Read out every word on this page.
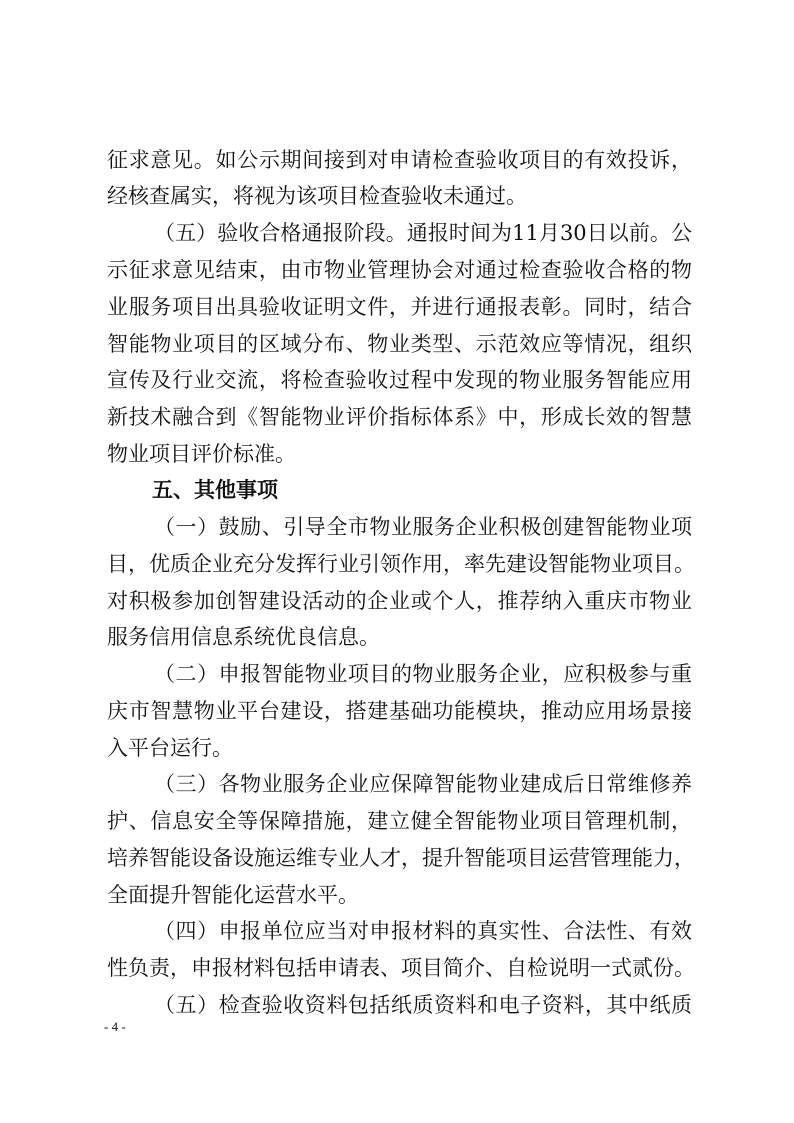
征求意见。如公示期间接到对申请检查验收项目的有效投诉，
经核查属实，将视为该项目检查验收未通过。
（五）验收合格通报阶段。通报时间为11月30日以前。公
示征求意见结束，由市物业管理协会对通过检查验收合格的物
业服务项目出具验收证明文件，并进行通报表彰。同时，结合
智能物业项目的区域分布、物业类型、示范效应等情况，组织
宣传及行业交流，将检查验收过程中发现的物业服务智能应用
新技术融合到《智能物业评价指标体系》中，形成长效的智慧
物业项目评价标准。
五、其他事项
（一）鼓励、引导全市物业服务企业积极创建智能物业项
目，优质企业充分发挥行业引领作用，率先建设智能物业项目。
对积极参加创智建设活动的企业或个人，推荐纳入重庆市物业
服务信用信息系统优良信息。
（二）申报智能物业项目的物业服务企业，应积极参与重
庆市智慧物业平台建设，搭建基础功能模块，推动应用场景接
入平台运行。
（三）各物业服务企业应保障智能物业建成后日常维修养
护、信息安全等保障措施，建立健全智能物业项目管理机制，
培养智能设备设施运维专业人才，提升智能项目运营管理能力，
全面提升智能化运营水平。
（四）申报单位应当对申报材料的真实性、合法性、有效
性负责，申报材料包括申请表、项目简介、自检说明一式贰份。
（五）检查验收资料包括纸质资料和电子资料，其中纸质
- 4 -
